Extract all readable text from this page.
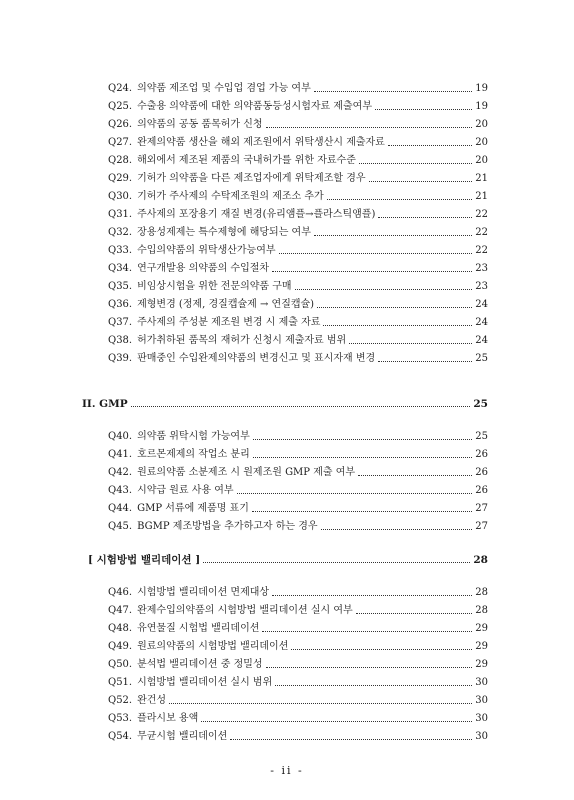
Q24. 의약품 제조업 및 수입업 겸업 가능 여부	19
Q25. 수출용 의약품에 대한 의약품동등성시험자료 제출여부	19
Q26. 의약품의 공동 품목허가 신청	20
Q27. 완제의약품 생산을 해외 제조원에서 위탁생산시 제출자료	20
Q28. 해외에서 제조된 제품의 국내허가를 위한 자료수준	20
Q29. 기허가 의약품을 다른 제조업자에게 위탁제조할 경우	21
Q30. 기허가 주사제의 수탁제조원의 제조소 추가	21
Q31. 주사제의 포장용기 재질 변경(유리앰플→플라스틱앰플)	22
Q32. 장용성제제는 특수제형에 해당되는 여부	22
Q33. 수입의약품의 위탁생산가능여부	22
Q34. 연구개발용 의약품의 수입절차	23
Q35. 비임상시험을 위한 전문의약품 구매	23
Q36. 제형변경 (정제, 경질캡슐제 → 연질캡슐)	24
Q37. 주사제의 주성분 제조원 변경 시 제출 자료	24
Q38. 허가취하된 품목의 재허가 신청시 제출자료 범위	24
Q39. 판매중인 수입완제의약품의 변경신고 및 표시자재 변경	25
II. GMP	25
Q40. 의약품 위탁시험 가능여부	25
Q41. 호르몬제제의 작업소 분리	26
Q42. 원료의약품 소분제조 시 원제조원 GMP 제출 여부	26
Q43. 시약급 원료 사용 여부	26
Q44. GMP 서류에 제품명 표기	27
Q45. BGMP 제조방법을 추가하고자 하는 경우	27
[ 시험방법 밸리데이션 ]	28
Q46. 시험방법 밸리데이션 면제대상	28
Q47. 완제수입의약품의 시험방법 밸리데이션 실시 여부	28
Q48. 유연물질 시험법 밸리데이션	29
Q49. 원료의약품의 시험방법 밸리데이션	29
Q50. 분석법 밸리데이션 중 정밀성	29
Q51. 시험방법 밸리데이션 실시 범위	30
Q52. 완건성	30
Q53. 플라시보 용액	30
Q54. 무균시험 밸리데이션	30
- ii -
